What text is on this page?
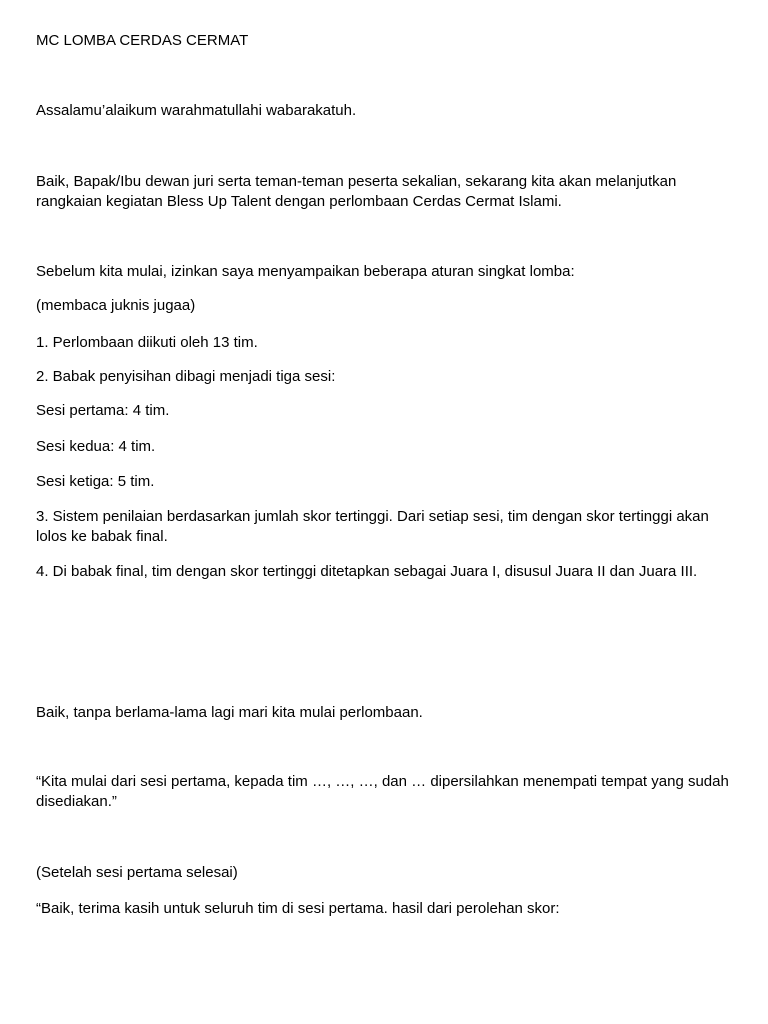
MC LOMBA CERDAS CERMAT

Assalamu’alaikum warahmatullahi wabarakatuh.

Baik, Bapak/Ibu dewan juri serta teman-teman peserta sekalian, sekarang kita akan melanjutkan rangkaian kegiatan Bless Up Talent dengan perlombaan Cerdas Cermat Islami.

Sebelum kita mulai, izinkan saya menyampaikan beberapa aturan singkat lomba:

(membaca juknis jugaa)

1. Perlombaan diikuti oleh 13 tim.

2. Babak penyisihan dibagi menjadi tiga sesi:

Sesi pertama: 4 tim.

Sesi kedua: 4 tim.

Sesi ketiga: 5 tim.

3. Sistem penilaian berdasarkan jumlah skor tertinggi. Dari setiap sesi, tim dengan skor tertinggi akan lolos ke babak final.

4. Di babak final, tim dengan skor tertinggi ditetapkan sebagai Juara I, disusul Juara II dan Juara III.

Baik, tanpa berlama-lama lagi mari kita mulai perlombaan.

“Kita mulai dari sesi pertama, kepada tim …, …, …, dan … dipersilahkan menempati tempat yang sudah disediakan.”

(Setelah sesi pertama selesai)

“Baik, terima kasih untuk seluruh tim di sesi pertama. hasil dari perolehan skor:
